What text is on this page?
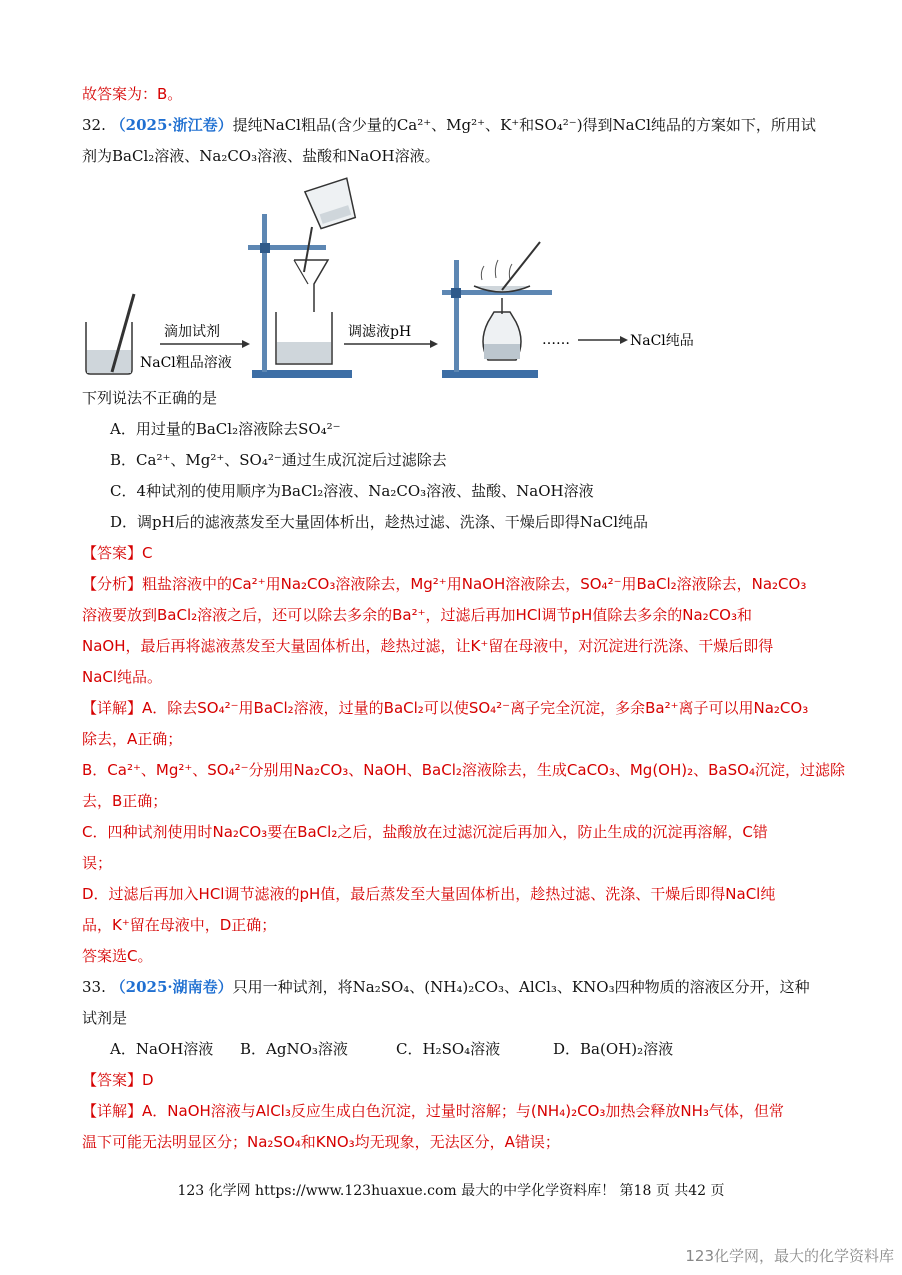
故答案为：B。
32. （2025·浙江卷）提纯NaCl粗品(含少量的Ca²⁺、Mg²⁺、K⁺和SO₄²⁻)得到NaCl纯品的方案如下，所用试
剂为BaCl₂溶液、Na₂CO₃溶液、盐酸和NaOH溶液。
NaCl粗品溶液
滴加试剂	调滤液pH	……	NaCl纯品
下列说法不正确的是
A．用过量的BaCl₂溶液除去SO₄²⁻
B．Ca²⁺、Mg²⁺、SO₄²⁻通过生成沉淀后过滤除去
C．4种试剂的使用顺序为BaCl₂溶液、Na₂CO₃溶液、盐酸、NaOH溶液
D．调pH后的滤液蒸发至大量固体析出，趁热过滤、洗涤、干燥后即得NaCl纯品
【答案】C
【分析】粗盐溶液中的Ca²⁺用Na₂CO₃溶液除去，Mg²⁺用NaOH溶液除去，SO₄²⁻用BaCl₂溶液除去，Na₂CO₃
溶液要放到BaCl₂溶液之后，还可以除去多余的Ba²⁺，过滤后再加HCl调节pH值除去多余的Na₂CO₃和
NaOH，最后再将滤液蒸发至大量固体析出，趁热过滤，让K⁺留在母液中，对沉淀进行洗涤、干燥后即得
NaCl纯品。
【详解】A．除去SO₄²⁻用BaCl₂溶液，过量的BaCl₂可以使SO₄²⁻离子完全沉淀，多余Ba²⁺离子可以用Na₂CO₃
除去，A正确；
B．Ca²⁺、Mg²⁺、SO₄²⁻分别用Na₂CO₃、NaOH、BaCl₂溶液除去，生成CaCO₃、Mg(OH)₂、BaSO₄沉淀，过滤除
去，B正确；
C．四种试剂使用时Na₂CO₃要在BaCl₂之后，盐酸放在过滤沉淀后再加入，防止生成的沉淀再溶解，C错
误；
D．过滤后再加入HCl调节滤液的pH值，最后蒸发至大量固体析出，趁热过滤、洗涤、干燥后即得NaCl纯
品，K⁺留在母液中，D正确；
答案选C。
33. （2025·湖南卷）只用一种试剂，将Na₂SO₄、(NH₄)₂CO₃、AlCl₃、KNO₃四种物质的溶液区分开，这种
试剂是
A．NaOH溶液 B．AgNO₃溶液	C．H₂SO₄溶液	D．Ba(OH)₂溶液
【答案】D
【详解】A．NaOH溶液与AlCl₃反应生成白色沉淀，过量时溶解；与(NH₄)₂CO₃加热会释放NH₃气体，但常
温下可能无法明显区分；Na₂SO₄和KNO₃均无现象，无法区分，A错误；
123 化学网 https://www.123huaxue.com 最大的中学化学资料库！ 第18 页 共42 页
123化学网，最大的化学资料库
